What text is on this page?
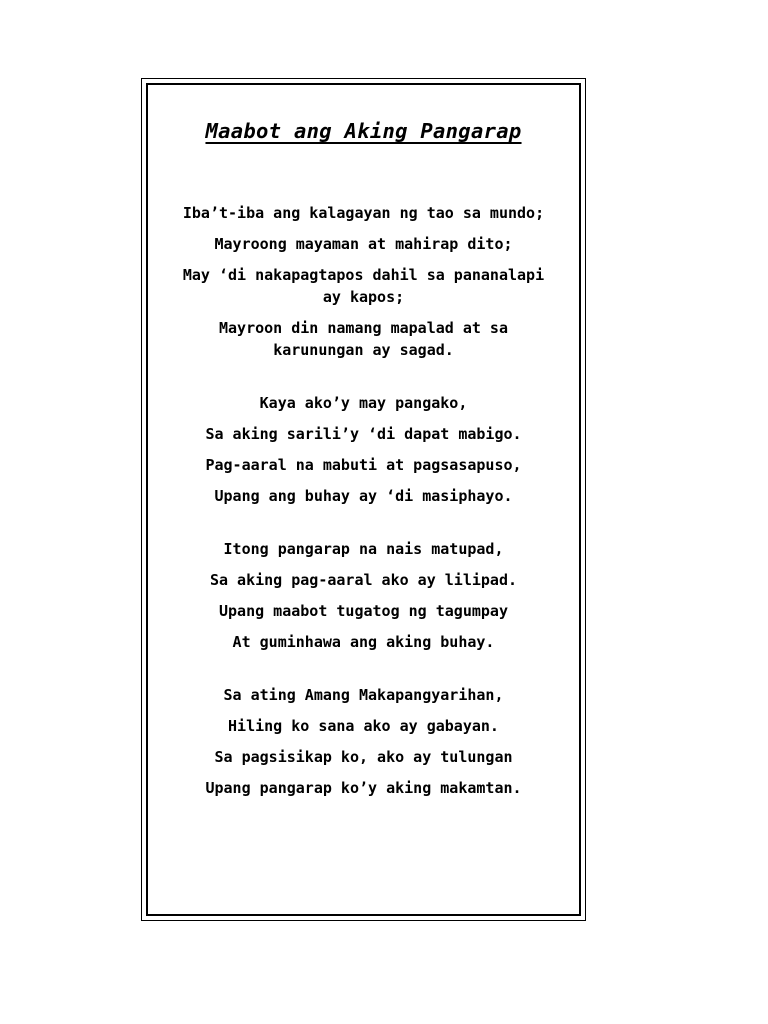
Maabot ang Aking Pangarap
Iba’t-iba ang kalagayan ng tao sa mundo;
Mayroong mayaman at mahirap dito;
May ‘di nakapagtapos dahil sa pananalapi
ay kapos;
Mayroon din namang mapalad at sa
karunungan ay sagad.
Kaya ako’y may pangako,
Sa aking sarili’y ‘di dapat mabigo.
Pag-aaral na mabuti at pagsasapuso,
Upang ang buhay ay ‘di masiphayo.
Itong pangarap na nais matupad,
Sa aking pag-aaral ako ay lilipad.
Upang maabot tugatog ng tagumpay
At guminhawa ang aking buhay.
Sa ating Amang Makapangyarihan,
Hiling ko sana ako ay gabayan.
Sa pagsisikap ko, ako ay tulungan
Upang pangarap ko’y aking makamtan.
